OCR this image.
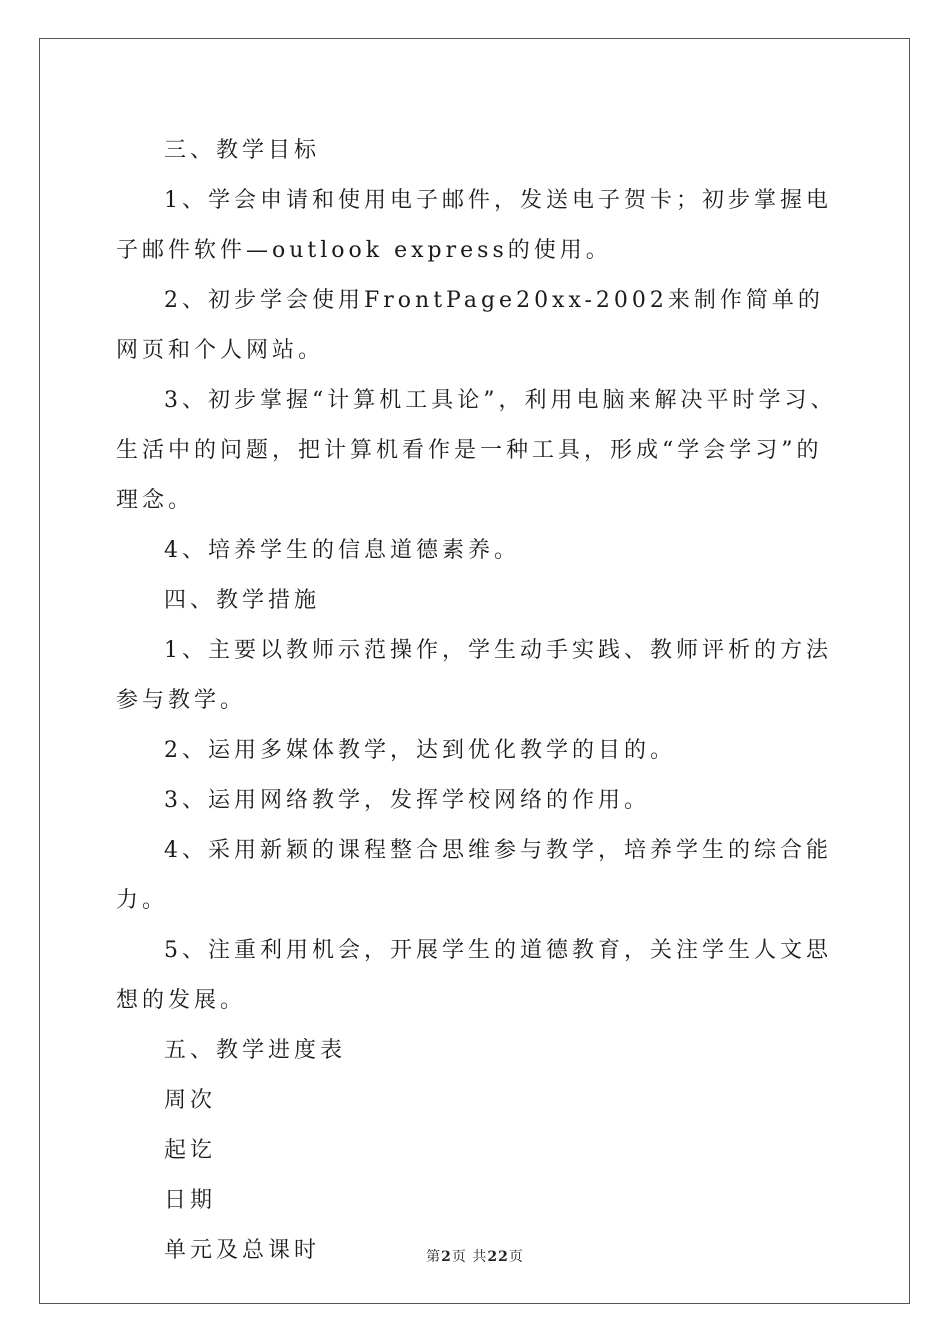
三、教学目标

1、学会申请和使用电子邮件，发送电子贺卡；初步掌握电子邮件软件—outlook express的使用。

2、初步学会使用FrontPage20xx-2002来制作简单的网页和个人网站。

3、初步掌握“计算机工具论”，利用电脑来解决平时学习、生活中的问题，把计算机看作是一种工具，形成“学会学习”的理念。

4、培养学生的信息道德素养。

四、教学措施

1、主要以教师示范操作，学生动手实践、教师评析的方法参与教学。

2、运用多媒体教学，达到优化教学的目的。

3、运用网络教学，发挥学校网络的作用。

4、采用新颖的课程整合思维参与教学，培养学生的综合能力。

5、注重利用机会，开展学生的道德教育，关注学生人文思想的发展。

五、教学进度表

周次

起讫

日期

单元及总课时	第2页 共22页
